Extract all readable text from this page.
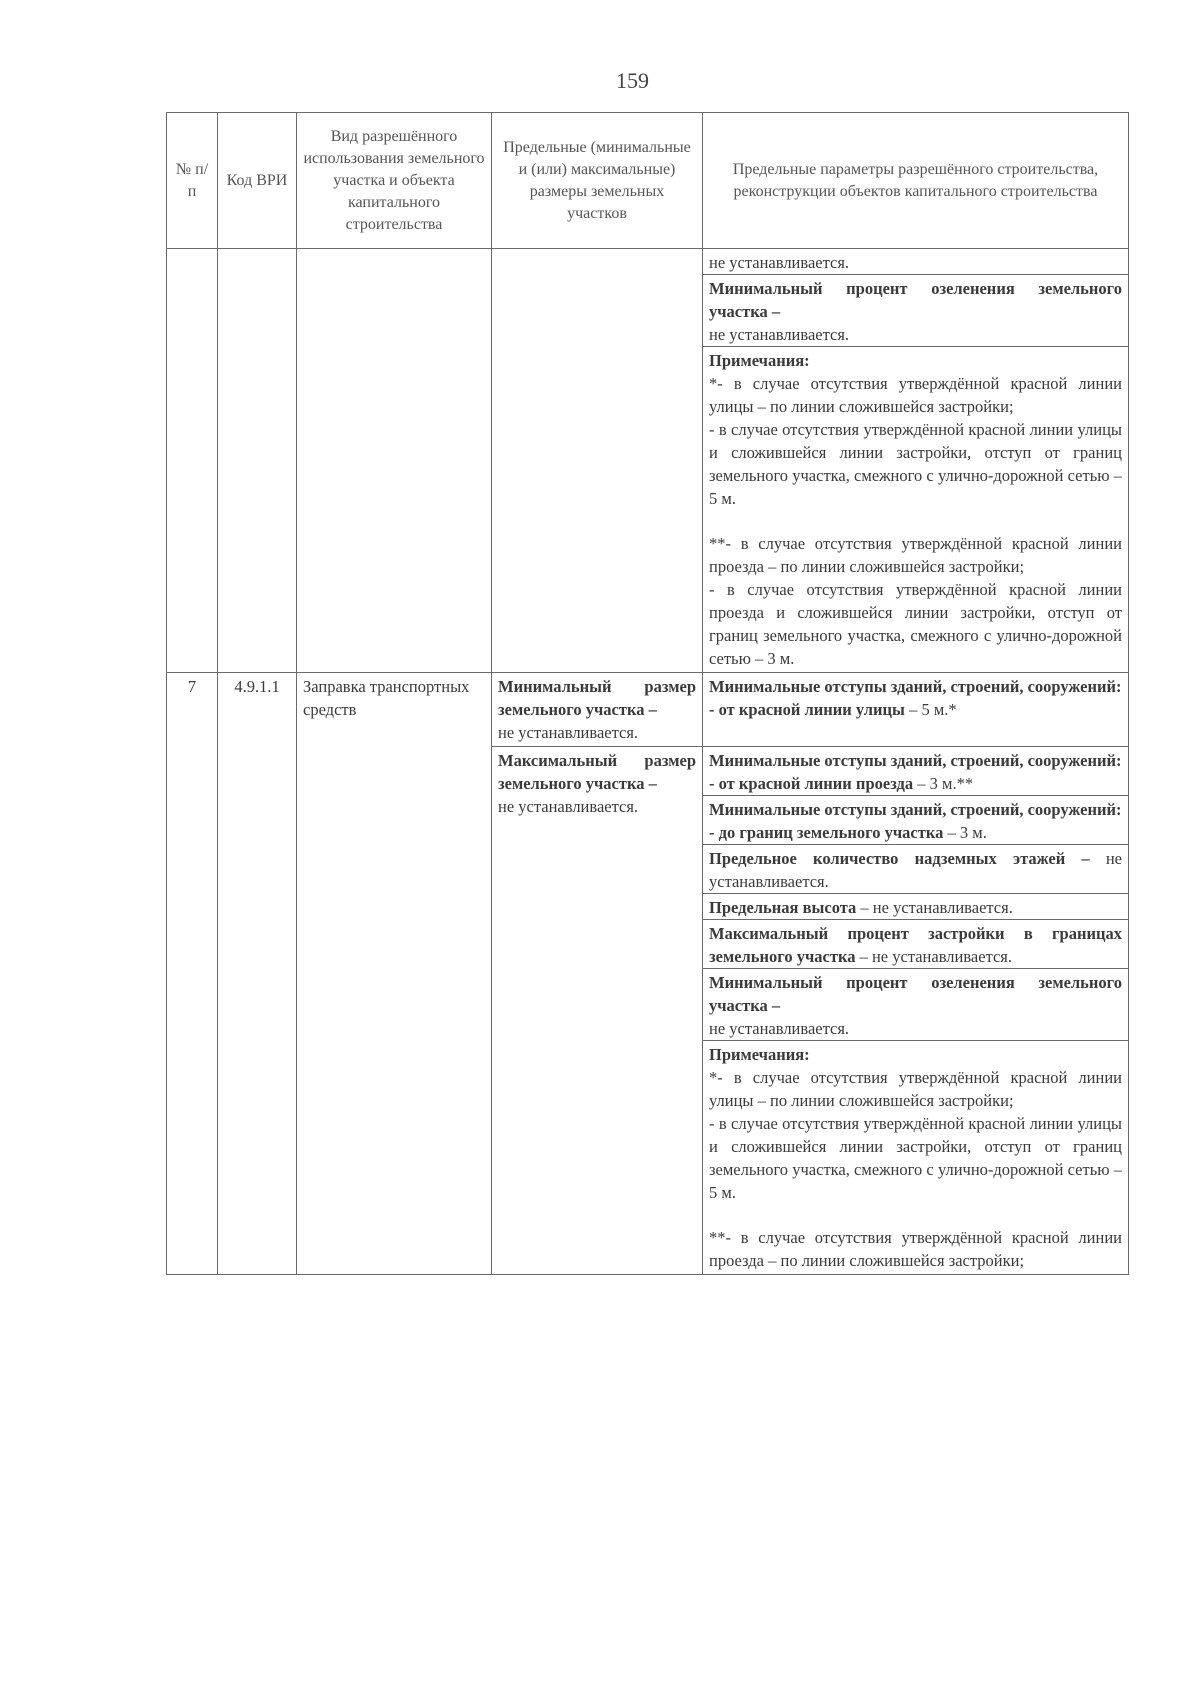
159
№ п/п	Код ВРИ	Вид разрешённого использования земельного участка и объекта капитального строительства	Предельные (минимальные и (или) максимальные) размеры земельных участков	Предельные параметры разрешённого строительства, реконструкции объектов капитального строительства
				не устанавливается.
				Минимальный процент озеленения земельного участка –
не устанавливается.

				Примечания:
*- в случае отсутствия утверждённой красной линии улицы – по линии сложившейся застройки;
- в случае отсутствия утверждённой красной линии улицы и сложившейся линии застройки, отступ от границ земельного участка, смежного с улично-дорожной сетью – 5 м.
**- в случае отсутствия утверждённой красной линии проезда – по линии сложившейся застройки;
- в случае отсутствия утверждённой красной линии проезда и сложившейся линии застройки, отступ от границ земельного участка, смежного с улично-дорожной сетью – 3 м.

7	4.9.1.1	Заправка транспортных средств	Минимальный размер земельного участка –
не устанавливается.	Минимальные отступы зданий, строений, сооружений:
- от красной линии улицы – 5 м.*
			Максимальный размер земельного участка –
не устанавливается.	Минимальные отступы зданий, строений, сооружений:
- от красной линии проезда – 3 м.**
				Минимальные отступы зданий, строений, сооружений:
- до границ земельного участка – 3 м.
				Предельное количество надземных этажей – не устанавливается.
				Предельная высота – не устанавливается.
				Максимальный процент застройки в границах земельного участка – не устанавливается.
				Минимальный процент озеленения земельного участка –
не устанавливается.

				Примечания:
*- в случае отсутствия утверждённой красной линии улицы – по линии сложившейся застройки;
- в случае отсутствия утверждённой красной линии улицы и сложившейся линии застройки, отступ от границ земельного участка, смежного с улично-дорожной сетью – 5 м.
**- в случае отсутствия утверждённой красной линии проезда – по линии сложившейся застройки;
